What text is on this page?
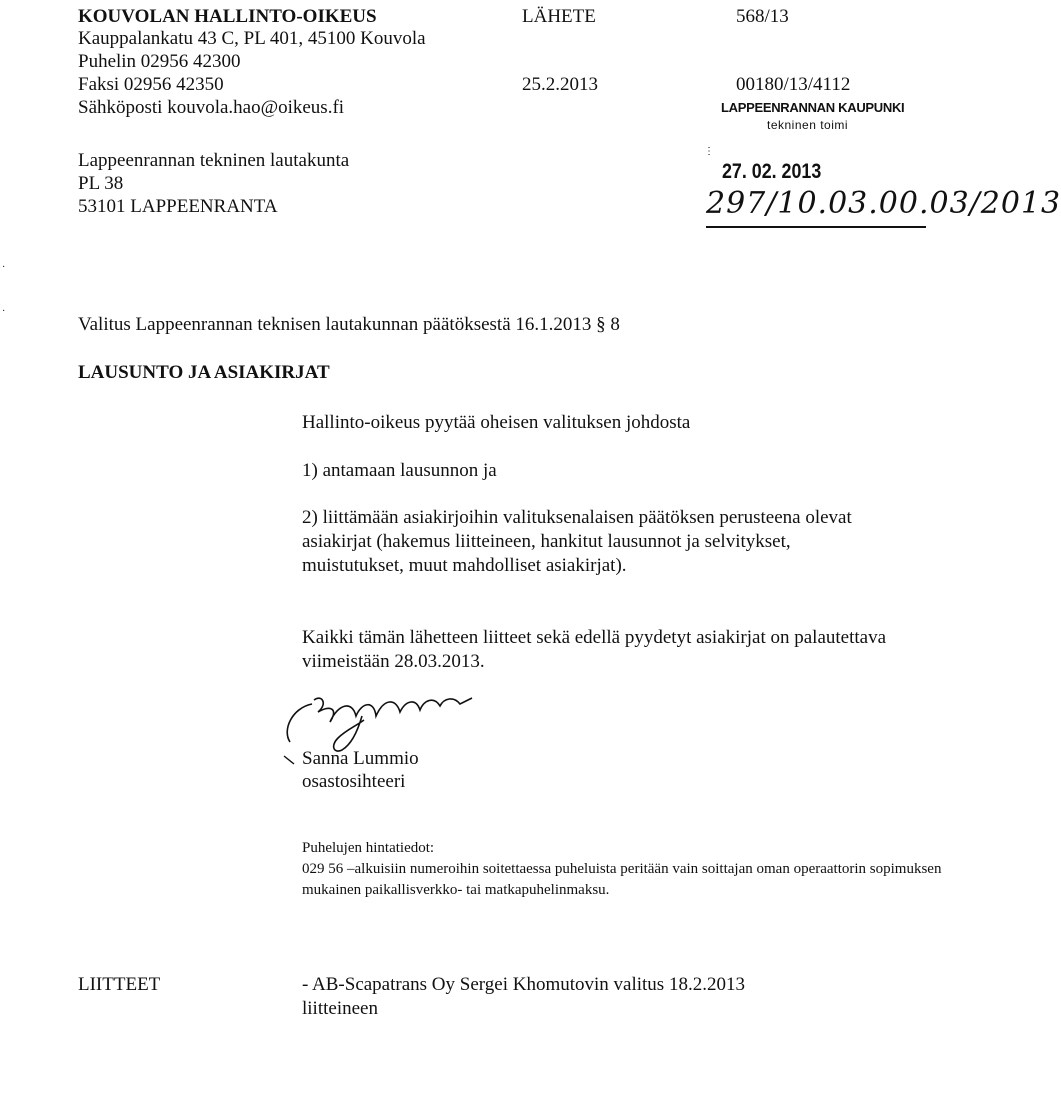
KOUVOLAN HALLINTO-OIKEUS
Kauppalankatu 43 C, PL 401, 45100 Kouvola
Puhelin 02956 42300
Faksi 02956 42350
Sähköposti kouvola.hao@oikeus.fi
LÄHETE
25.2.2013
568/13
00180/13/4112
Lappeenrannan tekninen lautakunta
PL 38
53101 LAPPEENRANTA
LAPPEENRANNAN KAUPUNKI
tekninen toimi
⋮
27. 02. 2013
297/10.03.00.03/2013
·
·
Valitus Lappeenrannan teknisen lautakunnan päätöksestä 16.1.2013 § 8
LAUSUNTO JA ASIAKIRJAT
Hallinto-oikeus pyytää oheisen valituksen johdosta
1) antamaan lausunnon ja
2) liittämään asiakirjoihin valituksenalaisen päätöksen perusteena olevat asiakirjat (hakemus liitteineen, hankitut lausunnot ja selvitykset, muistutukset, muut mahdolliset asiakirjat).
Kaikki tämän lähetteen liitteet sekä edellä pyydetyt asiakirjat on palautettava viimeistään 28.03.2013.
Sanna Lummio
osastosihteeri
Puhelujen hintatiedot:
029 56 –alkuisiin numeroihin soitettaessa puheluista peritään vain soittajan oman operaattorin sopimuksen mukainen paikallisverkko- tai matkapuhelinmaksu.
LIITTEET	- AB-Scapatrans Oy Sergei Khomutovin valitus 18.2.2013
liitteineen
